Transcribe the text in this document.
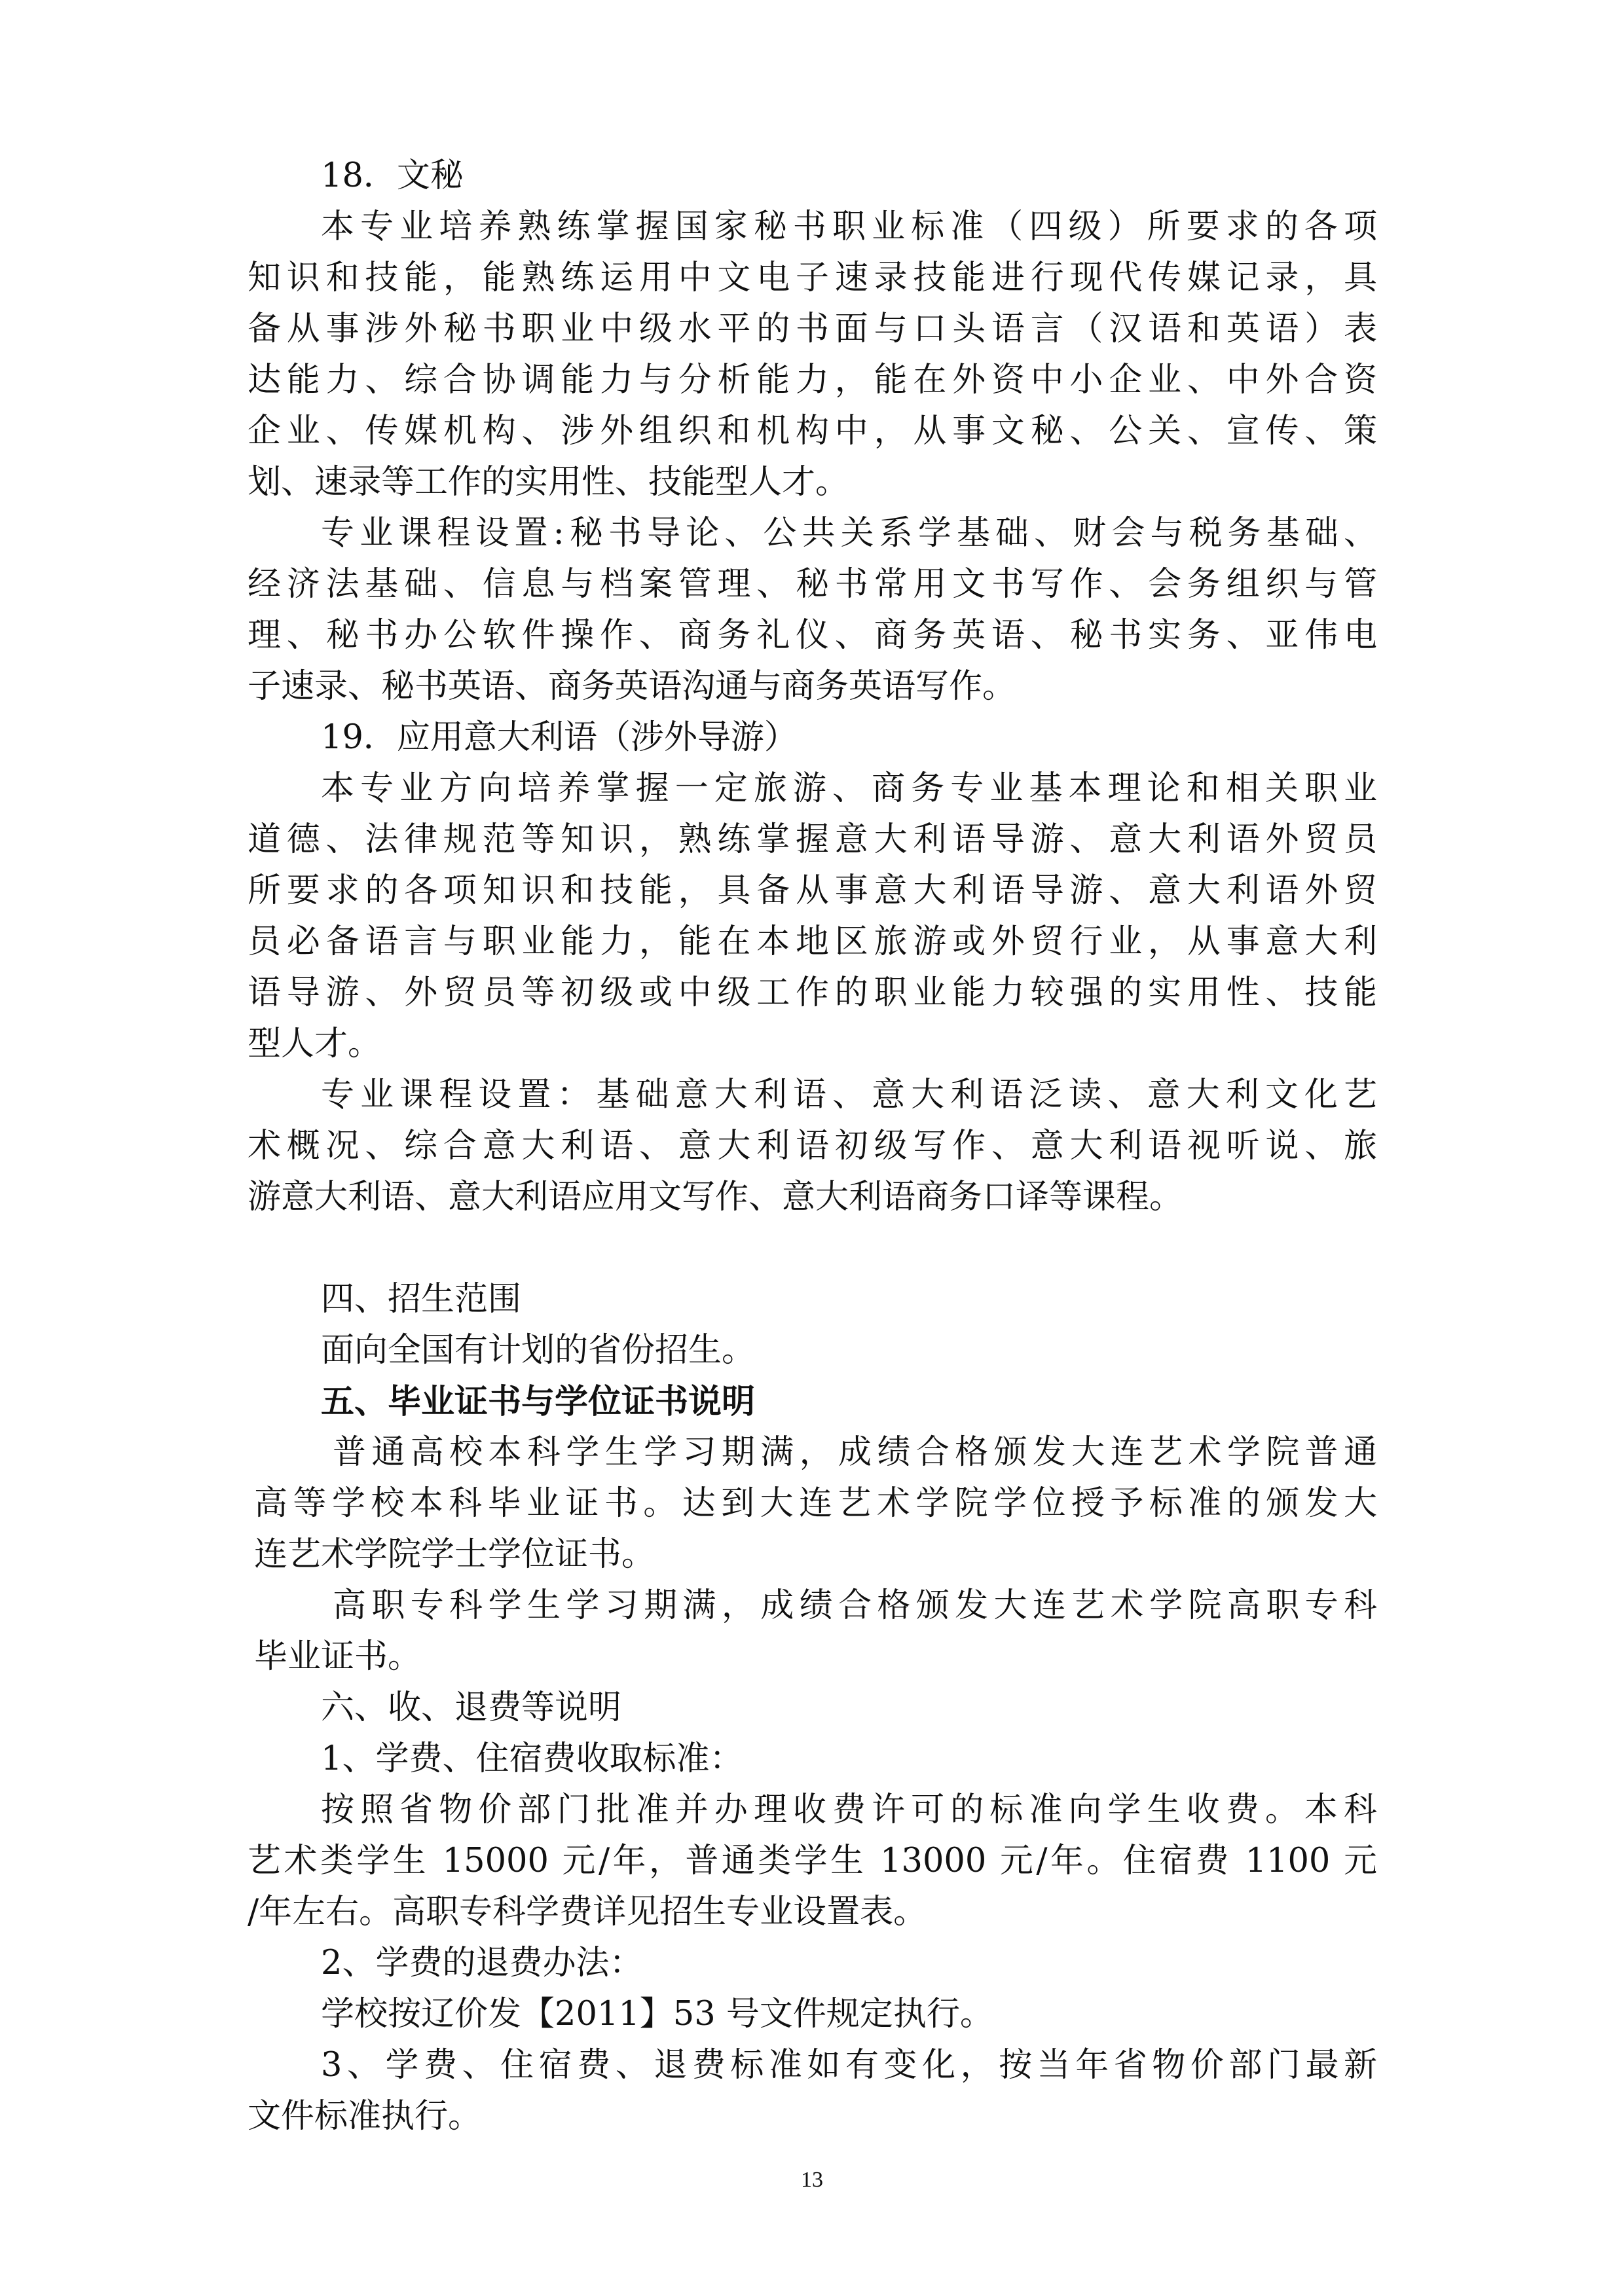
18．文秘
本专业培养熟练掌握国家秘书职业标准（四级）所要求的各项
知识和技能，能熟练运用中文电子速录技能进行现代传媒记录，具
备从事涉外秘书职业中级水平的书面与口头语言（汉语和英语）表
达能力、综合协调能力与分析能力，能在外资中小企业、中外合资
企业、传媒机构、涉外组织和机构中，从事文秘、公关、宣传、策
划、速录等工作的实用性、技能型人才。
专业课程设置:秘书导论、公共关系学基础、财会与税务基础、
经济法基础、信息与档案管理、秘书常用文书写作、会务组织与管
理、秘书办公软件操作、商务礼仪、商务英语、秘书实务、亚伟电
子速录、秘书英语、商务英语沟通与商务英语写作。
19．应用意大利语（涉外导游）
本专业方向培养掌握一定旅游、商务专业基本理论和相关职业
道德、法律规范等知识，熟练掌握意大利语导游、意大利语外贸员
所要求的各项知识和技能，具备从事意大利语导游、意大利语外贸
员必备语言与职业能力，能在本地区旅游或外贸行业，从事意大利
语导游、外贸员等初级或中级工作的职业能力较强的实用性、技能
型人才。
专业课程设置：基础意大利语、意大利语泛读、意大利文化艺
术概况、综合意大利语、意大利语初级写作、意大利语视听说、旅
游意大利语、意大利语应用文写作、意大利语商务口译等课程。
四、招生范围
面向全国有计划的省份招生。
五、毕业证书与学位证书说明
普通高校本科学生学习期满，成绩合格颁发大连艺术学院普通
高等学校本科毕业证书。达到大连艺术学院学位授予标准的颁发大
连艺术学院学士学位证书。
高职专科学生学习期满，成绩合格颁发大连艺术学院高职专科
毕业证书。
六、收、退费等说明
1、学费、住宿费收取标准：
按照省物价部门批准并办理收费许可的标准向学生收费。本科
艺术类学生 15000 元/年，普通类学生 13000 元/年。住宿费 1100 元
/年左右。高职专科学费详见招生专业设置表。
2、学费的退费办法：
学校按辽价发【2011】53 号文件规定执行。
3、学费、住宿费、退费标准如有变化，按当年省物价部门最新
文件标准执行。
13
